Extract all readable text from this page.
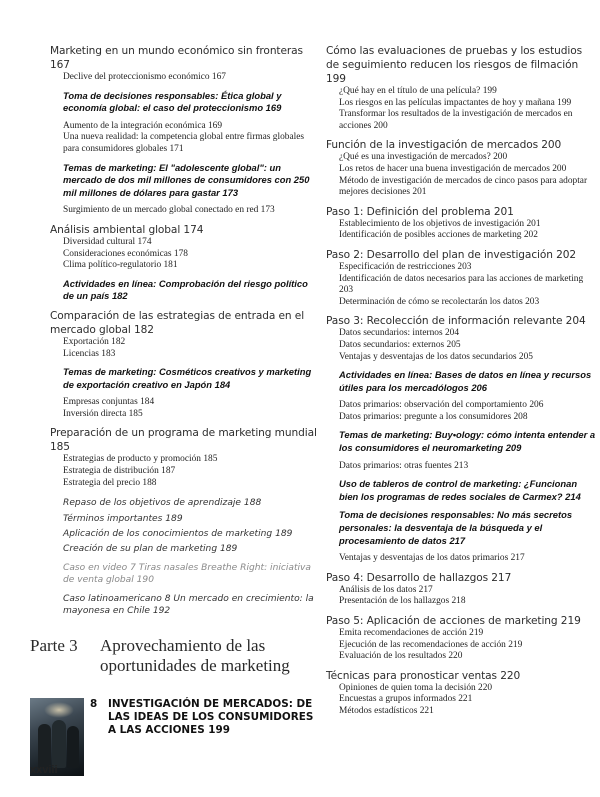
Marketing en un mundo económico sin fronteras 167
Declive del proteccionismo económico 167
Toma de decisiones responsables: Ética global y economía global: el caso del proteccionismo 169
Aumento de la integración económica 169
Una nueva realidad: la competencia global entre firmas globales para consumidores globales 171
Temas de marketing: El "adolescente global": un mercado de dos mil millones de consumidores con 250 mil millones de dólares para gastar 173
Surgimiento de un mercado global conectado en red 173
Análisis ambiental global 174
Diversidad cultural 174
Consideraciones económicas 178
Clima político-regulatorio 181
Actividades en línea: Comprobación del riesgo político de un país 182
Comparación de las estrategias de entrada en el mercado global 182
Exportación 182
Licencias 183
Temas de marketing: Cosméticos creativos y marketing de exportación creativo en Japón 184
Empresas conjuntas 184
Inversión directa 185
Preparación de un programa de marketing mundial 185
Estrategias de producto y promoción 185
Estrategia de distribución 187
Estrategia del precio 188
Repaso de los objetivos de aprendizaje 188
Términos importantes 189
Aplicación de los conocimientos de marketing 189
Creación de su plan de marketing 189
Caso en video 7 Tiras nasales Breathe Right: iniciativa de venta global 190
Caso latinoamericano 8 Un mercado en crecimiento: la mayonesa en Chile 192
Cómo las evaluaciones de pruebas y los estudios de seguimiento reducen los riesgos de filmación 199
¿Qué hay en el título de una película? 199
Los riesgos en las películas impactantes de hoy y mañana 199
Transformar los resultados de la investigación de mercados en acciones 200
Función de la investigación de mercados 200
¿Qué es una investigación de mercados? 200
Los retos de hacer una buena investigación de mercados 200
Método de investigación de mercados de cinco pasos para adoptar mejores decisiones 201
Paso 1: Definición del problema 201
Establecimiento de los objetivos de investigación 201
Identificación de posibles acciones de marketing 202
Paso 2: Desarrollo del plan de investigación 202
Especificación de restricciones 203
Identificación de datos necesarios para las acciones de marketing 203
Determinación de cómo se recolectarán los datos 203
Paso 3: Recolección de información relevante 204
Datos secundarios: internos 204
Datos secundarios: externos 205
Ventajas y desventajas de los datos secundarios 205
Actividades en línea: Bases de datos en línea y recursos útiles para los mercadólogos 206
Datos primarios: observación del comportamiento 206
Datos primarios: pregunte a los consumidores 208
Temas de marketing: Buy•ology: cómo intenta entender a los consumidores el neuromarketing 209
Datos primarios: otras fuentes 213
Uso de tableros de control de marketing: ¿Funcionan bien los programas de redes sociales de Carmex? 214
Toma de decisiones responsables: No más secretos personales: la desventaja de la búsqueda y el procesamiento de datos 217
Ventajas y desventajas de los datos primarios 217
Paso 4: Desarrollo de hallazgos 217
Análisis de los datos 217
Presentación de los hallazgos 218
Paso 5: Aplicación de acciones de marketing 219
Emita recomendaciones de acción 219
Ejecución de las recomendaciones de acción 219
Evaluación de los resultados 220
Técnicas para pronosticar ventas 220
Opiniones de quien toma la decisión 220
Encuestas a grupos informados 221
Métodos estadísticos 221
Parte 3 Aprovechamiento de las oportunidades de marketing
8	INVESTIGACIÓN DE MERCADOS: DE LAS IDEAS DE LOS CONSUMIDORES A LAS ACCIONES 199
xxviii
